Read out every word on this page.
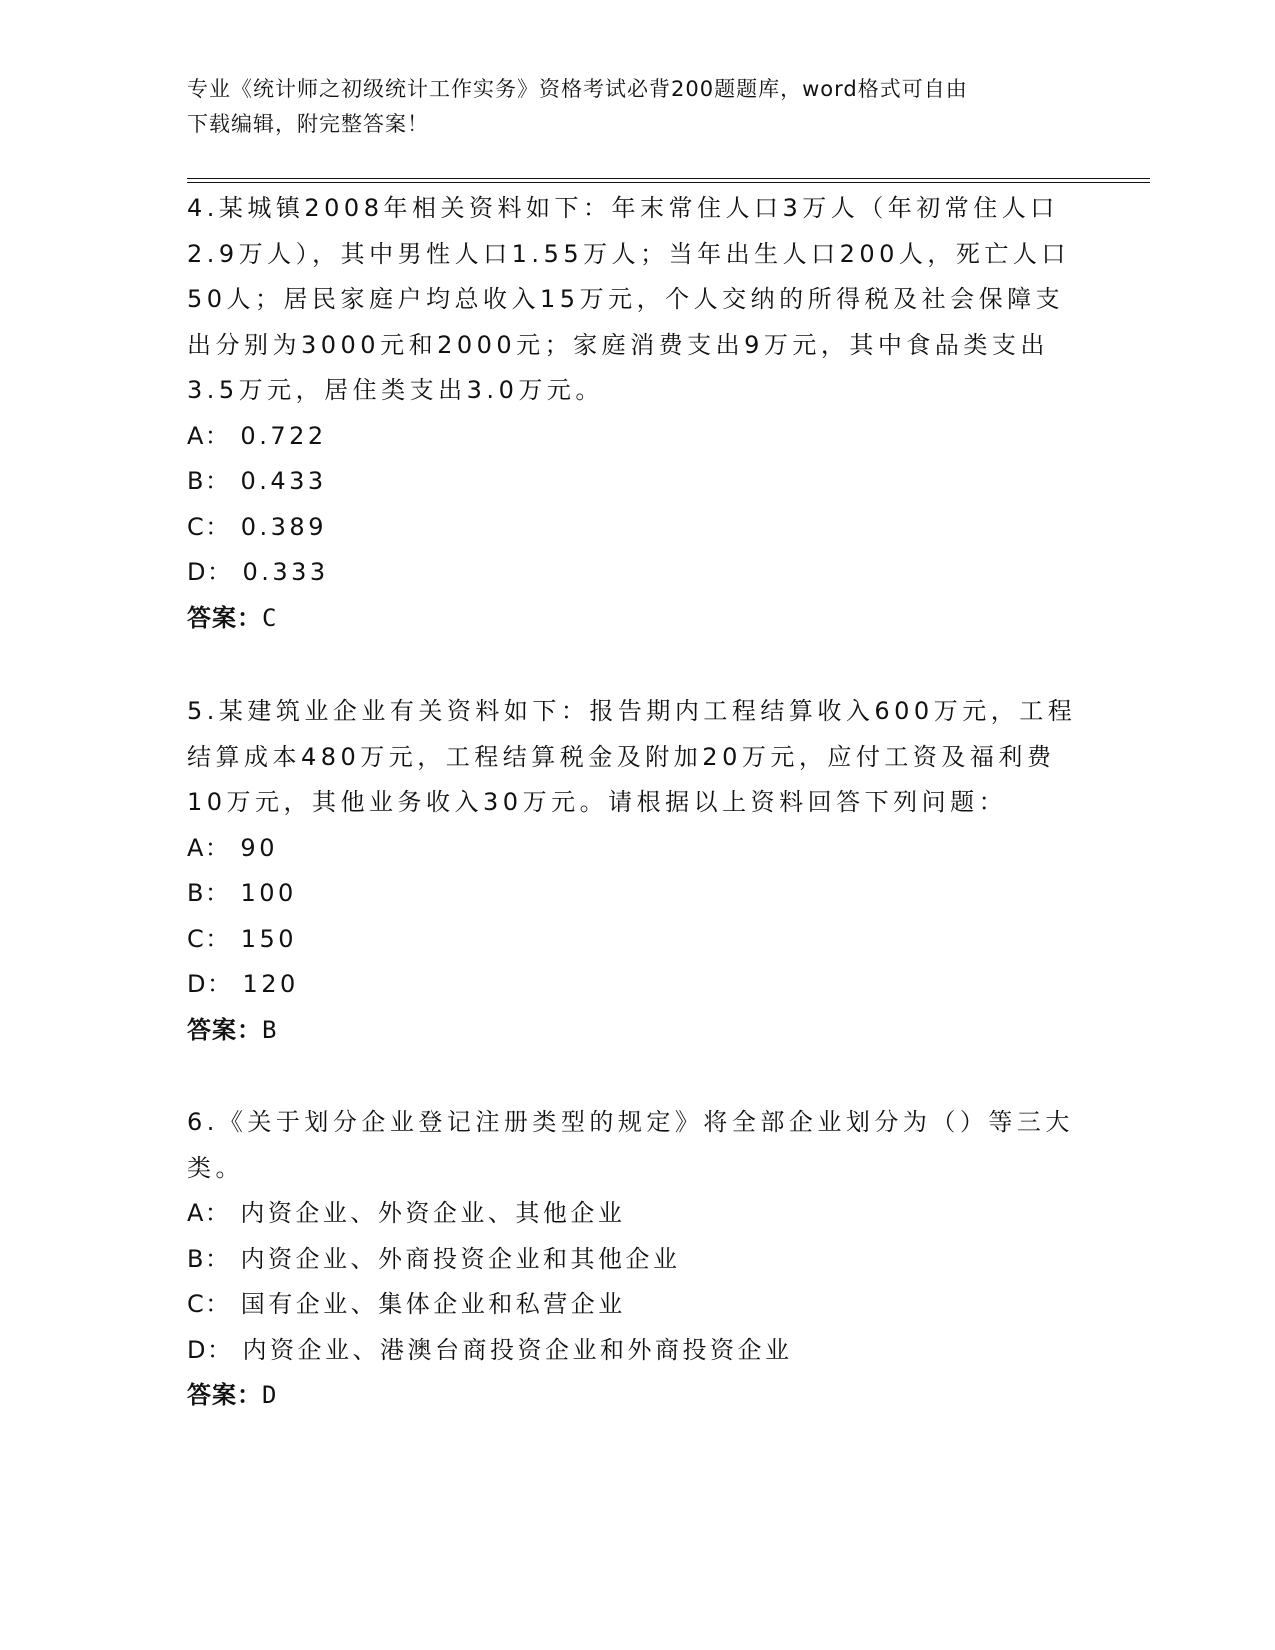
专业《统计师之初级统计工作实务》资格考试必背200题题库，word格式可自由
下载编辑，附完整答案！

4.某城镇2008年相关资料如下：年末常住人口3万人（年初常住人口2.9万人），其中男性人口1.55万人；当年出生人口200人，死亡人口50人；居民家庭户均总收入15万元，个人交纳的所得税及社会保障支出分别为3000元和2000元；家庭消费支出9万元，其中食品类支出3.5万元，居住类支出3.0万元。

A： 0.722

B： 0.433

C： 0.389

D： 0.333

答案：C

5.某建筑业企业有关资料如下：报告期内工程结算收入600万元，工程结算成本480万元，工程结算税金及附加20万元，应付工资及福利费10万元，其他业务收入30万元。请根据以上资料回答下列问题：

A： 90

B： 100

C： 150

D： 120

答案：B

6.《关于划分企业登记注册类型的规定》将全部企业划分为（）等三大类。

A： 内资企业、外资企业、其他企业

B： 内资企业、外商投资企业和其他企业

C： 国有企业、集体企业和私营企业

D： 内资企业、港澳台商投资企业和外商投资企业

答案：D
